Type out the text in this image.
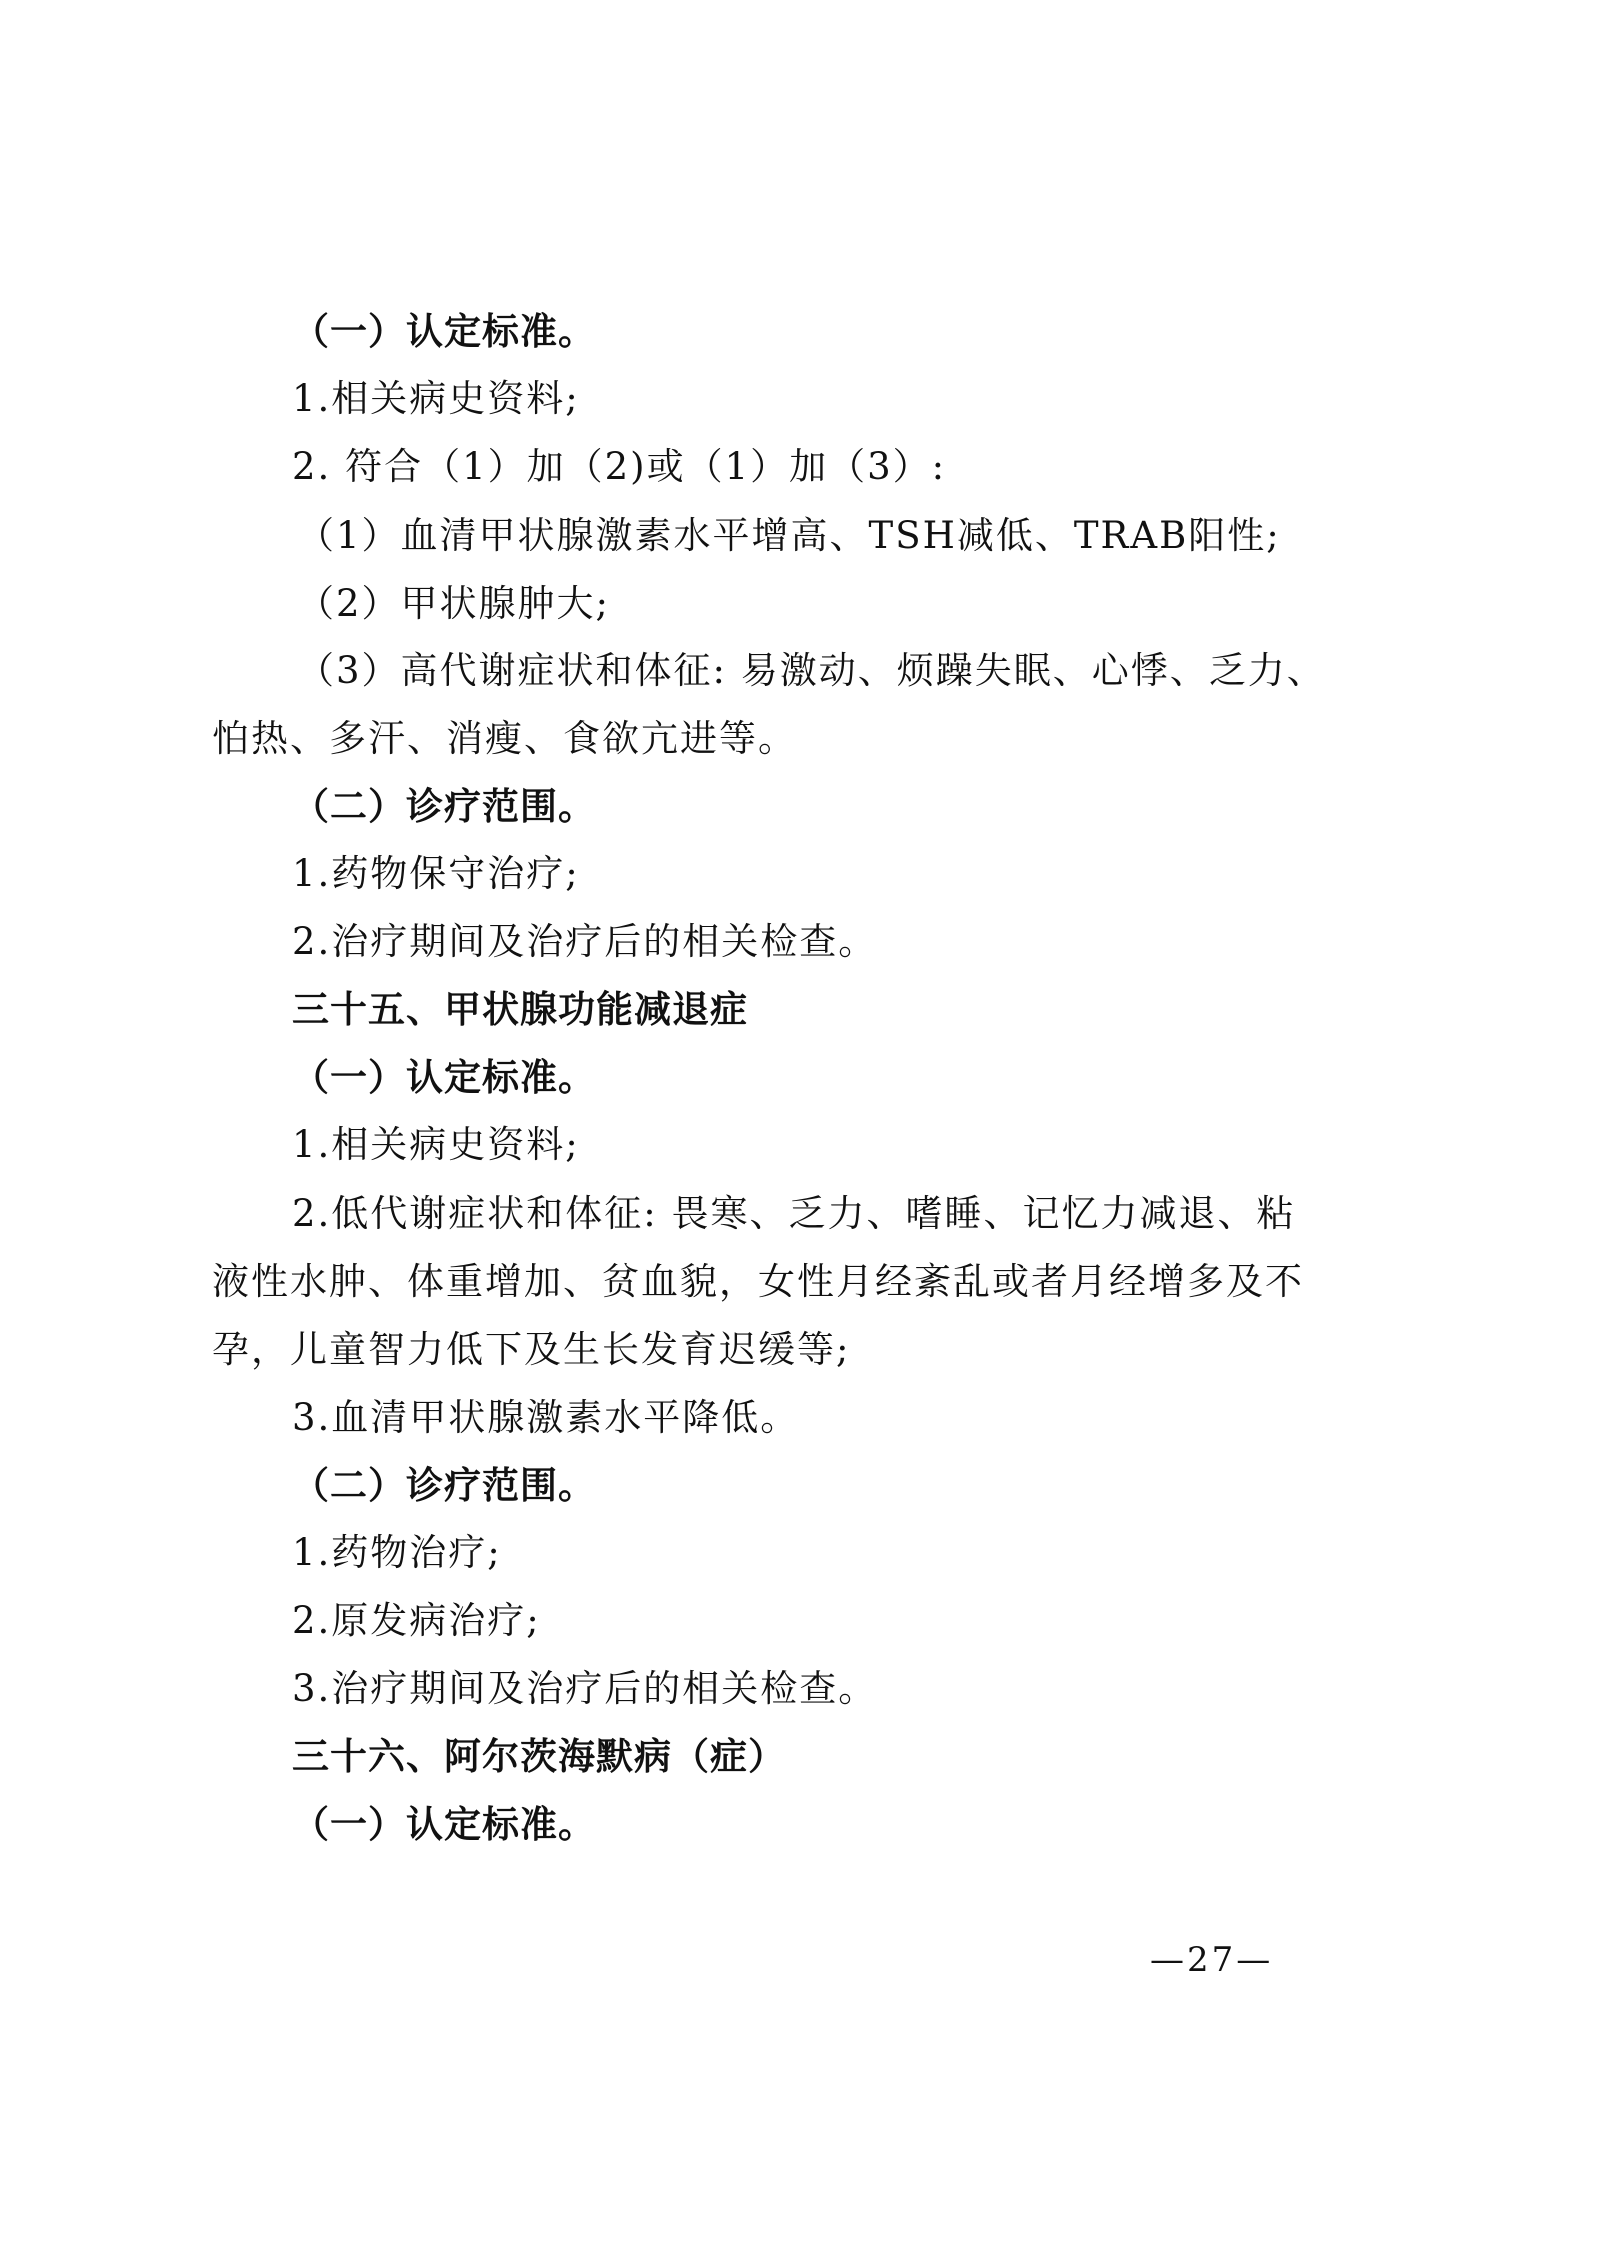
（一）认定标准。
1.相关病史资料;
2. 符合（1）加（2)或（1）加（3）:
（1）血清甲状腺激素水平增高、TSH减低、TRAB阳性;
（2）甲状腺肿大;
（3）高代谢症状和体征: 易激动、烦躁失眠、心悸、乏力、
怕热、多汗、消瘦、食欲亢进等。
（二）诊疗范围。
1.药物保守治疗;
2.治疗期间及治疗后的相关检查。
三十五、甲状腺功能减退症
（一）认定标准。
1.相关病史资料;
2.低代谢症状和体征: 畏寒、乏力、嗜睡、记忆力减退、粘
液性水肿、体重增加、贫血貌，女性月经紊乱或者月经增多及不
孕，儿童智力低下及生长发育迟缓等;
3.血清甲状腺激素水平降低。
（二）诊疗范围。
1.药物治疗;
2.原发病治疗;
3.治疗期间及治疗后的相关检查。
三十六、阿尔茨海默病（症）
（一）认定标准。
—27—
